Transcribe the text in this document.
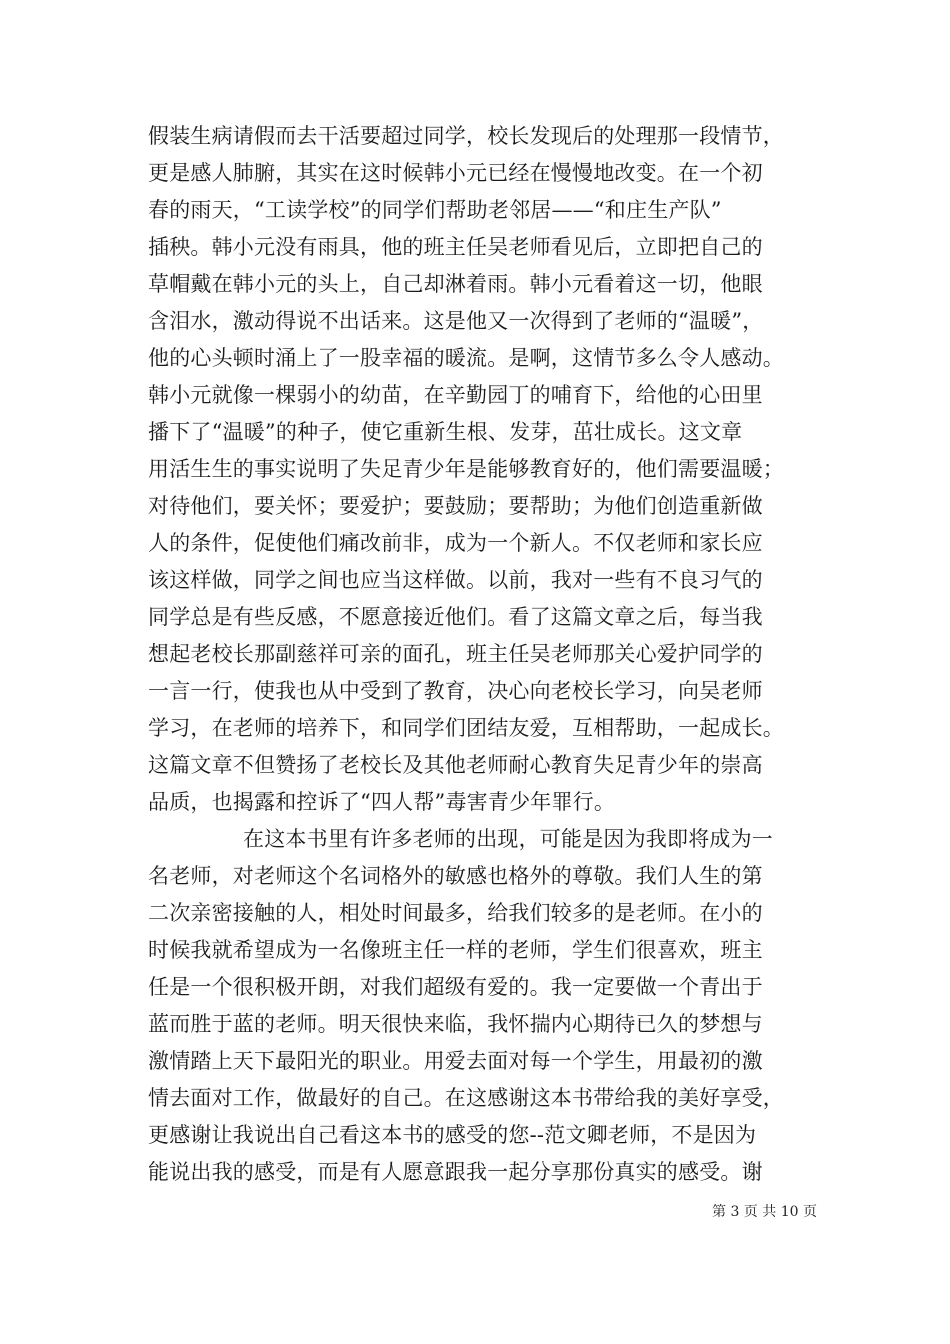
假装生病请假而去干活要超过同学，校长发现后的处理那一段情节，
更是感人肺腑，其实在这时候韩小元已经在慢慢地改变。在一个初
春的雨天，“工读学校”的同学们帮助老邻居——“和庄生产队”
插秧。韩小元没有雨具，他的班主任吴老师看见后，立即把自己的
草帽戴在韩小元的头上，自己却淋着雨。韩小元看着这一切，他眼
含泪水，激动得说不出话来。这是他又一次得到了老师的“温暖”，
他的心头顿时涌上了一股幸福的暖流。是啊，这情节多么令人感动。
韩小元就像一棵弱小的幼苗，在辛勤园丁的哺育下，给他的心田里
播下了“温暖”的种子，使它重新生根、发芽，茁壮成长。这文章
用活生生的事实说明了失足青少年是能够教育好的，他们需要温暖；
对待他们，要关怀；要爱护；要鼓励；要帮助；为他们创造重新做
人的条件，促使他们痛改前非，成为一个新人。不仅老师和家长应
该这样做，同学之间也应当这样做。以前，我对一些有不良习气的
同学总是有些反感，不愿意接近他们。看了这篇文章之后，每当我
想起老校长那副慈祥可亲的面孔，班主任吴老师那关心爱护同学的
一言一行，使我也从中受到了教育，决心向老校长学习，向吴老师
学习，在老师的培养下，和同学们团结友爱，互相帮助，一起成长。
这篇文章不但赞扬了老校长及其他老师耐心教育失足青少年的崇高
品质，也揭露和控诉了“四人帮”毒害青少年罪行。
在这本书里有许多老师的出现，可能是因为我即将成为一
名老师，对老师这个名词格外的敏感也格外的尊敬。我们人生的第
二次亲密接触的人，相处时间最多，给我们较多的是老师。在小的
时候我就希望成为一名像班主任一样的老师，学生们很喜欢，班主
任是一个很积极开朗，对我们超级有爱的。我一定要做一个青出于
蓝而胜于蓝的老师。明天很快来临，我怀揣内心期待已久的梦想与
激情踏上天下最阳光的职业。用爱去面对每一个学生，用最初的激
情去面对工作，做最好的自己。在这感谢这本书带给我的美好享受，
更感谢让我说出自己看这本书的感受的您--范文卿老师，不是因为
能说出我的感受，而是有人愿意跟我一起分享那份真实的感受。谢
第 3 页 共 10 页
